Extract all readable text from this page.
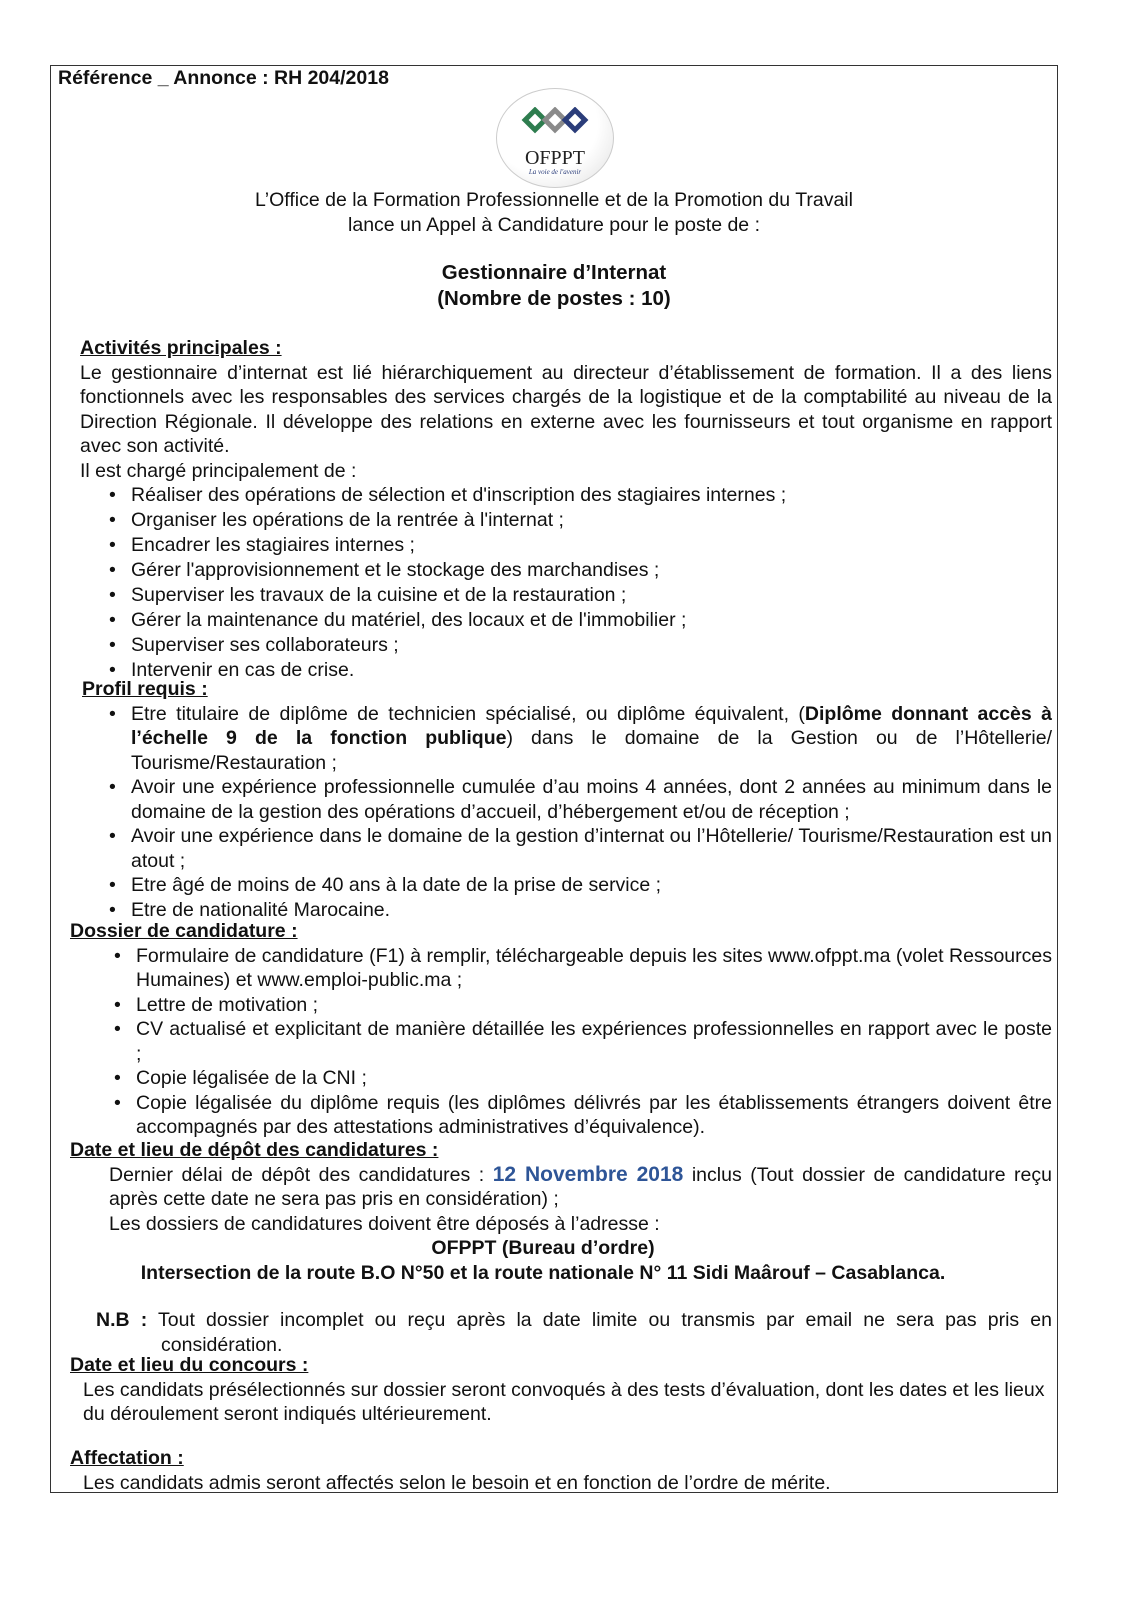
Référence _ Annonce : RH 204/2018
OFPPT
La voie de l'avenir
L’Office de la Formation Professionnelle et de la Promotion du Travail
lance un Appel à Candidature pour le poste de :
Gestionnaire d’Internat
(Nombre de postes : 10)
Activités principales :
Le gestionnaire d’internat est lié hiérarchiquement au directeur d’établissement de formation. Il a des liens fonctionnels avec les responsables des services chargés de la logistique et de la comptabilité au niveau de la Direction Régionale. Il développe des relations en externe avec les fournisseurs et tout organisme en rapport avec son activité.
Il est chargé principalement de :
• Réaliser des opérations de sélection et d'inscription des stagiaires internes ;
• Organiser les opérations de la rentrée à l'internat ;
• Encadrer les stagiaires internes ;
• Gérer l'approvisionnement et le stockage des marchandises ;
• Superviser les travaux de la cuisine et de la restauration ;
• Gérer la maintenance du matériel, des locaux et de l'immobilier ;
• Superviser ses collaborateurs ;
• Intervenir en cas de crise.
Profil requis :
• Etre titulaire de diplôme de technicien spécialisé, ou diplôme équivalent, (Diplôme donnant accès à l’échelle 9 de la fonction publique) dans le domaine de la Gestion ou de l’Hôtellerie/ Tourisme/Restauration ;
• Avoir une expérience professionnelle cumulée d’au moins 4 années, dont 2 années au minimum dans le domaine de la gestion des opérations d’accueil, d’hébergement et/ou de réception ;
• Avoir une expérience dans le domaine de la gestion d’internat ou l’Hôtellerie/ Tourisme/Restauration est un atout ;
• Etre âgé de moins de 40 ans à la date de la prise de service ;
• Etre de nationalité Marocaine.
Dossier de candidature :
• Formulaire de candidature (F1) à remplir, téléchargeable depuis les sites www.ofppt.ma (volet Ressources Humaines) et www.emploi-public.ma ;
• Lettre de motivation ;
• CV actualisé et explicitant de manière détaillée les expériences professionnelles en rapport avec le poste ;
• Copie légalisée de la CNI ;
• Copie légalisée du diplôme requis (les diplômes délivrés par les établissements étrangers doivent être accompagnés par des attestations administratives d’équivalence).
Date et lieu de dépôt des candidatures :
Dernier délai de dépôt des candidatures : 12 Novembre 2018 inclus (Tout dossier de candidature reçu après cette date ne sera pas pris en considération) ;
Les dossiers de candidatures doivent être déposés à l’adresse :
OFPPT (Bureau d’ordre)
Intersection de la route B.O N°50 et la route nationale N° 11 Sidi Maârouf – Casablanca.
N.B : Tout dossier incomplet ou reçu après la date limite ou transmis par email ne sera pas pris en considération.
Date et lieu du concours :
Les candidats présélectionnés sur dossier seront convoqués à des tests d’évaluation, dont les dates et les lieux du déroulement seront indiqués ultérieurement.
Affectation :
Les candidats admis seront affectés selon le besoin et en fonction de l’ordre de mérite.
